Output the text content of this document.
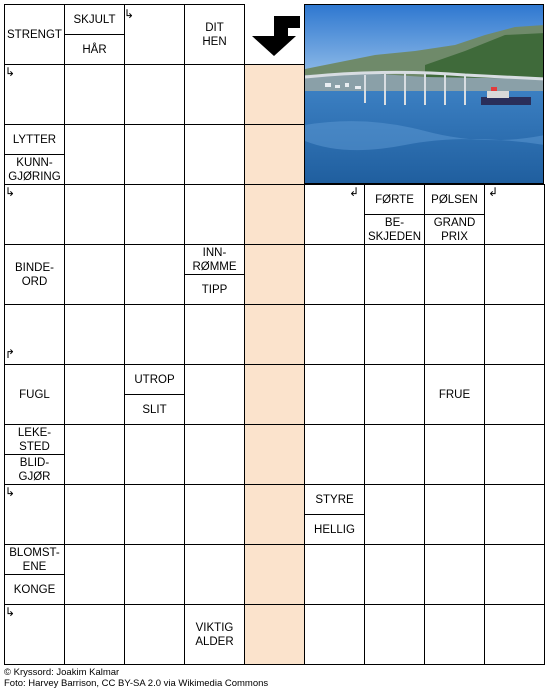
STRENGT
SKJULT
HÅR
DIT
HEN
LYTTER
KUNN-
GJØRING
FØRTE	PØLSEN
BE-
SKJEDEN
GRAND
PRIX
BINDE-
ORD
INN-
RØMME
TIPP
FUGL
UTROP
SLIT
FRUE
LEKE-
STED
BLID-
GJØR
STYRE
HELLIG
BLOMST-
ENE
KONGE
VIKTIG
ALDER
↳
↳
↳
↳
↳
↲	↲
↱
© Kryssord: Joakim Kalmar
Foto: Harvey Barrison, CC BY-SA 2.0 via Wikimedia Commons
